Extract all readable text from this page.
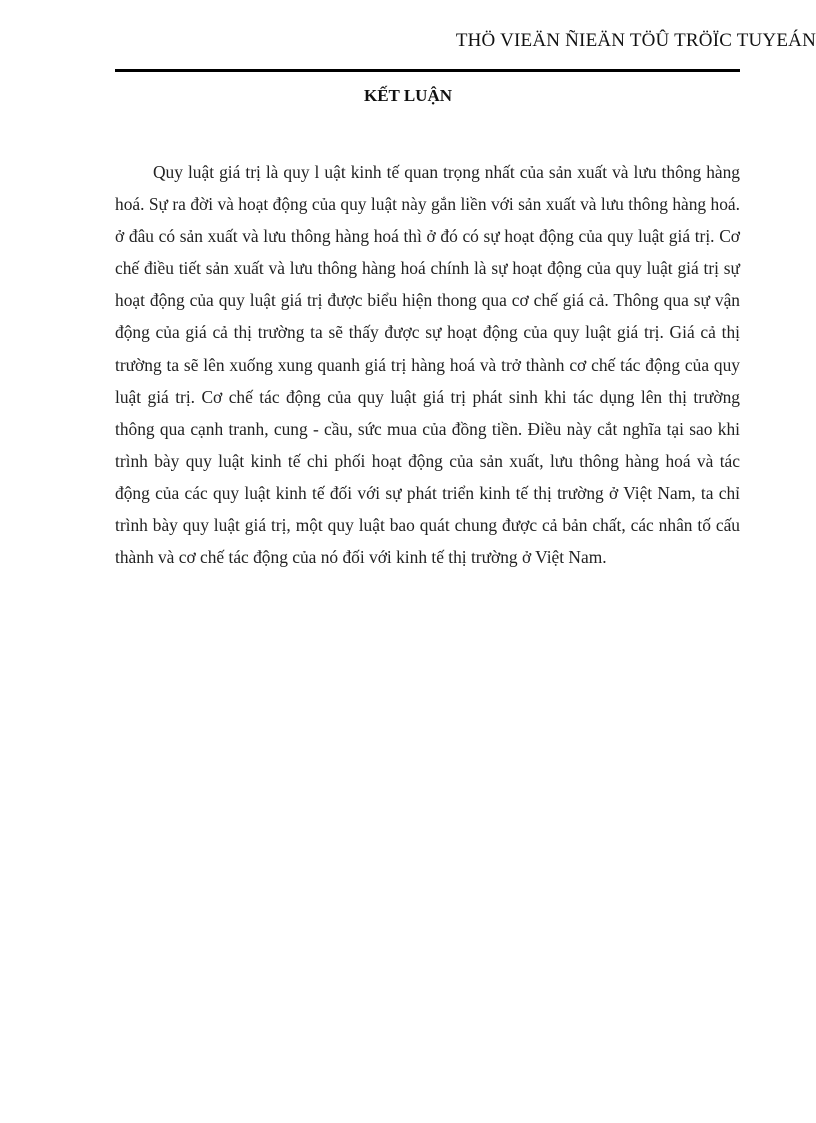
THÖ VIEÄN ÑIEÄN TÖÛ TRÖÏC TUYEÁN
KẾT LUẬN

Quy luật giá trị là quy l uật kinh tế quan trọng nhất của sản xuất và lưu thông hàng hoá. Sự ra đời và hoạt động của quy luật này gắn liền với sản xuất và lưu thông hàng hoá. ở đâu có sản xuất và lưu thông hàng hoá thì ở đó có sự hoạt động của quy luật giá trị. Cơ chế điều tiết sản xuất và lưu thông hàng hoá chính là sự hoạt động của quy luật giá trị sự hoạt động của quy luật giá trị được biểu hiện thong qua cơ chế giá cả. Thông qua sự vận động của giá cả thị trường ta sẽ thấy được sự hoạt động của quy luật giá trị. Giá cả thị trường ta sẽ lên xuống xung quanh giá trị hàng hoá và trở thành cơ chế tác động của quy luật giá trị. Cơ chế tác động của quy luật giá trị phát sinh khi tác dụng lên thị trường thông qua cạnh tranh, cung - cầu, sức mua của đồng tiền. Điều này cắt nghĩa tại sao khi trình bày quy luật kinh tế chi phối hoạt động của sản xuất, lưu thông hàng hoá và tác động của các quy luật kinh tế đối với sự phát triển kinh tế thị trường ở Việt Nam, ta chỉ trình bày quy luật giá trị, một quy luật bao quát chung được cả bản chất, các nhân tố cấu thành và cơ chế tác động của nó đối với kinh tế thị trường ở Việt Nam.
